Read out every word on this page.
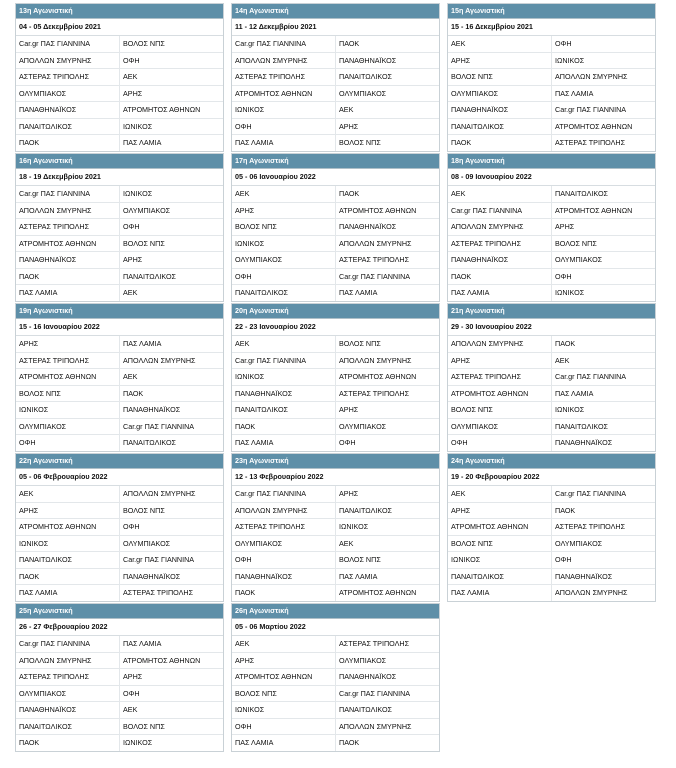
13η Αγωνιστική
04 - 05 Δεκεμβρίου 2021
Car.gr ΠΑΣ ΓΙΑΝΝΙΝΑ	ΒΟΛΟΣ ΝΠΣ
ΑΠΟΛΛΩΝ ΣΜΥΡΝΗΣ	ΟΦΗ
ΑΣΤΕΡΑΣ ΤΡΙΠΟΛΗΣ	ΑΕΚ
ΟΛΥΜΠΙΑΚΟΣ	ΑΡΗΣ
ΠΑΝΑΘΗΝΑΪΚΟΣ	ΑΤΡΟΜΗΤΟΣ ΑΘΗΝΩΝ
ΠΑΝΑΙΤΩΛΙΚΟΣ	ΙΩΝΙΚΟΣ
ΠΑΟΚ	ΠΑΣ ΛΑΜΙΑ
14η Αγωνιστική
11 - 12 Δεκεμβρίου 2021
Car.gr ΠΑΣ ΓΙΑΝΝΙΝΑ	ΠΑΟΚ
ΑΠΟΛΛΩΝ ΣΜΥΡΝΗΣ	ΠΑΝΑΘΗΝΑΪΚΟΣ
ΑΣΤΕΡΑΣ ΤΡΙΠΟΛΗΣ	ΠΑΝΑΙΤΩΛΙΚΟΣ
ΑΤΡΟΜΗΤΟΣ ΑΘΗΝΩΝ	ΟΛΥΜΠΙΑΚΟΣ
ΙΩΝΙΚΟΣ	ΑΕΚ
ΟΦΗ	ΑΡΗΣ
ΠΑΣ ΛΑΜΙΑ	ΒΟΛΟΣ ΝΠΣ
15η Αγωνιστική
15 - 16 Δεκεμβρίου 2021
ΑΕΚ	ΟΦΗ
ΑΡΗΣ	ΙΩΝΙΚΟΣ
ΒΟΛΟΣ ΝΠΣ	ΑΠΟΛΛΩΝ ΣΜΥΡΝΗΣ
ΟΛΥΜΠΙΑΚΟΣ	ΠΑΣ ΛΑΜΙΑ
ΠΑΝΑΘΗΝΑΪΚΟΣ	Car.gr ΠΑΣ ΓΙΑΝΝΙΝΑ
ΠΑΝΑΙΤΩΛΙΚΟΣ	ΑΤΡΟΜΗΤΟΣ ΑΘΗΝΩΝ
ΠΑΟΚ	ΑΣΤΕΡΑΣ ΤΡΙΠΟΛΗΣ
16η Αγωνιστική
18 - 19 Δεκεμβρίου 2021
Car.gr ΠΑΣ ΓΙΑΝΝΙΝΑ	ΙΩΝΙΚΟΣ
ΑΠΟΛΛΩΝ ΣΜΥΡΝΗΣ	ΟΛΥΜΠΙΑΚΟΣ
ΑΣΤΕΡΑΣ ΤΡΙΠΟΛΗΣ	ΟΦΗ
ΑΤΡΟΜΗΤΟΣ ΑΘΗΝΩΝ	ΒΟΛΟΣ ΝΠΣ
ΠΑΝΑΘΗΝΑΪΚΟΣ	ΑΡΗΣ
ΠΑΟΚ	ΠΑΝΑΙΤΩΛΙΚΟΣ
ΠΑΣ ΛΑΜΙΑ	ΑΕΚ
17η Αγωνιστική
05 - 06 Ιανουαρίου 2022
ΑΕΚ	ΠΑΟΚ
ΑΡΗΣ	ΑΤΡΟΜΗΤΟΣ ΑΘΗΝΩΝ
ΒΟΛΟΣ ΝΠΣ	ΠΑΝΑΘΗΝΑΪΚΟΣ
ΙΩΝΙΚΟΣ	ΑΠΟΛΛΩΝ ΣΜΥΡΝΗΣ
ΟΛΥΜΠΙΑΚΟΣ	ΑΣΤΕΡΑΣ ΤΡΙΠΟΛΗΣ
ΟΦΗ	Car.gr ΠΑΣ ΓΙΑΝΝΙΝΑ
ΠΑΝΑΙΤΩΛΙΚΟΣ	ΠΑΣ ΛΑΜΙΑ
18η Αγωνιστική
08 - 09 Ιανουαρίου 2022
ΑΕΚ	ΠΑΝΑΙΤΩΛΙΚΟΣ
Car.gr ΠΑΣ ΓΙΑΝΝΙΝΑ	ΑΤΡΟΜΗΤΟΣ ΑΘΗΝΩΝ
ΑΠΟΛΛΩΝ ΣΜΥΡΝΗΣ	ΑΡΗΣ
ΑΣΤΕΡΑΣ ΤΡΙΠΟΛΗΣ	ΒΟΛΟΣ ΝΠΣ
ΠΑΝΑΘΗΝΑΪΚΟΣ	ΟΛΥΜΠΙΑΚΟΣ
ΠΑΟΚ	ΟΦΗ
ΠΑΣ ΛΑΜΙΑ	ΙΩΝΙΚΟΣ
19η Αγωνιστική
15 - 16 Ιανουαρίου 2022
ΑΡΗΣ	ΠΑΣ ΛΑΜΙΑ
ΑΣΤΕΡΑΣ ΤΡΙΠΟΛΗΣ	ΑΠΟΛΛΩΝ ΣΜΥΡΝΗΣ
ΑΤΡΟΜΗΤΟΣ ΑΘΗΝΩΝ	ΑΕΚ
ΒΟΛΟΣ ΝΠΣ	ΠΑΟΚ
ΙΩΝΙΚΟΣ	ΠΑΝΑΘΗΝΑΪΚΟΣ
ΟΛΥΜΠΙΑΚΟΣ	Car.gr ΠΑΣ ΓΙΑΝΝΙΝΑ
ΟΦΗ	ΠΑΝΑΙΤΩΛΙΚΟΣ
20η Αγωνιστική
22 - 23 Ιανουαρίου 2022
ΑΕΚ	ΒΟΛΟΣ ΝΠΣ
Car.gr ΠΑΣ ΓΙΑΝΝΙΝΑ	ΑΠΟΛΛΩΝ ΣΜΥΡΝΗΣ
ΙΩΝΙΚΟΣ	ΑΤΡΟΜΗΤΟΣ ΑΘΗΝΩΝ
ΠΑΝΑΘΗΝΑΪΚΟΣ	ΑΣΤΕΡΑΣ ΤΡΙΠΟΛΗΣ
ΠΑΝΑΙΤΩΛΙΚΟΣ	ΑΡΗΣ
ΠΑΟΚ	ΟΛΥΜΠΙΑΚΟΣ
ΠΑΣ ΛΑΜΙΑ	ΟΦΗ
21η Αγωνιστική
29 - 30 Ιανουαρίου 2022
ΑΠΟΛΛΩΝ ΣΜΥΡΝΗΣ	ΠΑΟΚ
ΑΡΗΣ	ΑΕΚ
ΑΣΤΕΡΑΣ ΤΡΙΠΟΛΗΣ	Car.gr ΠΑΣ ΓΙΑΝΝΙΝΑ
ΑΤΡΟΜΗΤΟΣ ΑΘΗΝΩΝ	ΠΑΣ ΛΑΜΙΑ
ΒΟΛΟΣ ΝΠΣ	ΙΩΝΙΚΟΣ
ΟΛΥΜΠΙΑΚΟΣ	ΠΑΝΑΙΤΩΛΙΚΟΣ
ΟΦΗ	ΠΑΝΑΘΗΝΑΪΚΟΣ
22η Αγωνιστική
05 - 06 Φεβρουαρίου 2022
ΑΕΚ	ΑΠΟΛΛΩΝ ΣΜΥΡΝΗΣ
ΑΡΗΣ	ΒΟΛΟΣ ΝΠΣ
ΑΤΡΟΜΗΤΟΣ ΑΘΗΝΩΝ	ΟΦΗ
ΙΩΝΙΚΟΣ	ΟΛΥΜΠΙΑΚΟΣ
ΠΑΝΑΙΤΩΛΙΚΟΣ	Car.gr ΠΑΣ ΓΙΑΝΝΙΝΑ
ΠΑΟΚ	ΠΑΝΑΘΗΝΑΪΚΟΣ
ΠΑΣ ΛΑΜΙΑ	ΑΣΤΕΡΑΣ ΤΡΙΠΟΛΗΣ
23η Αγωνιστική
12 - 13 Φεβρουαρίου 2022
Car.gr ΠΑΣ ΓΙΑΝΝΙΝΑ	ΑΡΗΣ
ΑΠΟΛΛΩΝ ΣΜΥΡΝΗΣ	ΠΑΝΑΙΤΩΛΙΚΟΣ
ΑΣΤΕΡΑΣ ΤΡΙΠΟΛΗΣ	ΙΩΝΙΚΟΣ
ΟΛΥΜΠΙΑΚΟΣ	ΑΕΚ
ΟΦΗ	ΒΟΛΟΣ ΝΠΣ
ΠΑΝΑΘΗΝΑΪΚΟΣ	ΠΑΣ ΛΑΜΙΑ
ΠΑΟΚ	ΑΤΡΟΜΗΤΟΣ ΑΘΗΝΩΝ
24η Αγωνιστική
19 - 20 Φεβρουαρίου 2022
ΑΕΚ	Car.gr ΠΑΣ ΓΙΑΝΝΙΝΑ
ΑΡΗΣ	ΠΑΟΚ
ΑΤΡΟΜΗΤΟΣ ΑΘΗΝΩΝ	ΑΣΤΕΡΑΣ ΤΡΙΠΟΛΗΣ
ΒΟΛΟΣ ΝΠΣ	ΟΛΥΜΠΙΑΚΟΣ
ΙΩΝΙΚΟΣ	ΟΦΗ
ΠΑΝΑΙΤΩΛΙΚΟΣ	ΠΑΝΑΘΗΝΑΪΚΟΣ
ΠΑΣ ΛΑΜΙΑ	ΑΠΟΛΛΩΝ ΣΜΥΡΝΗΣ
25η Αγωνιστική
26 - 27 Φεβρουαρίου 2022
Car.gr ΠΑΣ ΓΙΑΝΝΙΝΑ	ΠΑΣ ΛΑΜΙΑ
ΑΠΟΛΛΩΝ ΣΜΥΡΝΗΣ	ΑΤΡΟΜΗΤΟΣ ΑΘΗΝΩΝ
ΑΣΤΕΡΑΣ ΤΡΙΠΟΛΗΣ	ΑΡΗΣ
ΟΛΥΜΠΙΑΚΟΣ	ΟΦΗ
ΠΑΝΑΘΗΝΑΪΚΟΣ	ΑΕΚ
ΠΑΝΑΙΤΩΛΙΚΟΣ	ΒΟΛΟΣ ΝΠΣ
ΠΑΟΚ	ΙΩΝΙΚΟΣ
26η Αγωνιστική
05 - 06 Μαρτίου 2022
ΑΕΚ	ΑΣΤΕΡΑΣ ΤΡΙΠΟΛΗΣ
ΑΡΗΣ	ΟΛΥΜΠΙΑΚΟΣ
ΑΤΡΟΜΗΤΟΣ ΑΘΗΝΩΝ	ΠΑΝΑΘΗΝΑΪΚΟΣ
ΒΟΛΟΣ ΝΠΣ	Car.gr ΠΑΣ ΓΙΑΝΝΙΝΑ
ΙΩΝΙΚΟΣ	ΠΑΝΑΙΤΩΛΙΚΟΣ
ΟΦΗ	ΑΠΟΛΛΩΝ ΣΜΥΡΝΗΣ
ΠΑΣ ΛΑΜΙΑ	ΠΑΟΚ
